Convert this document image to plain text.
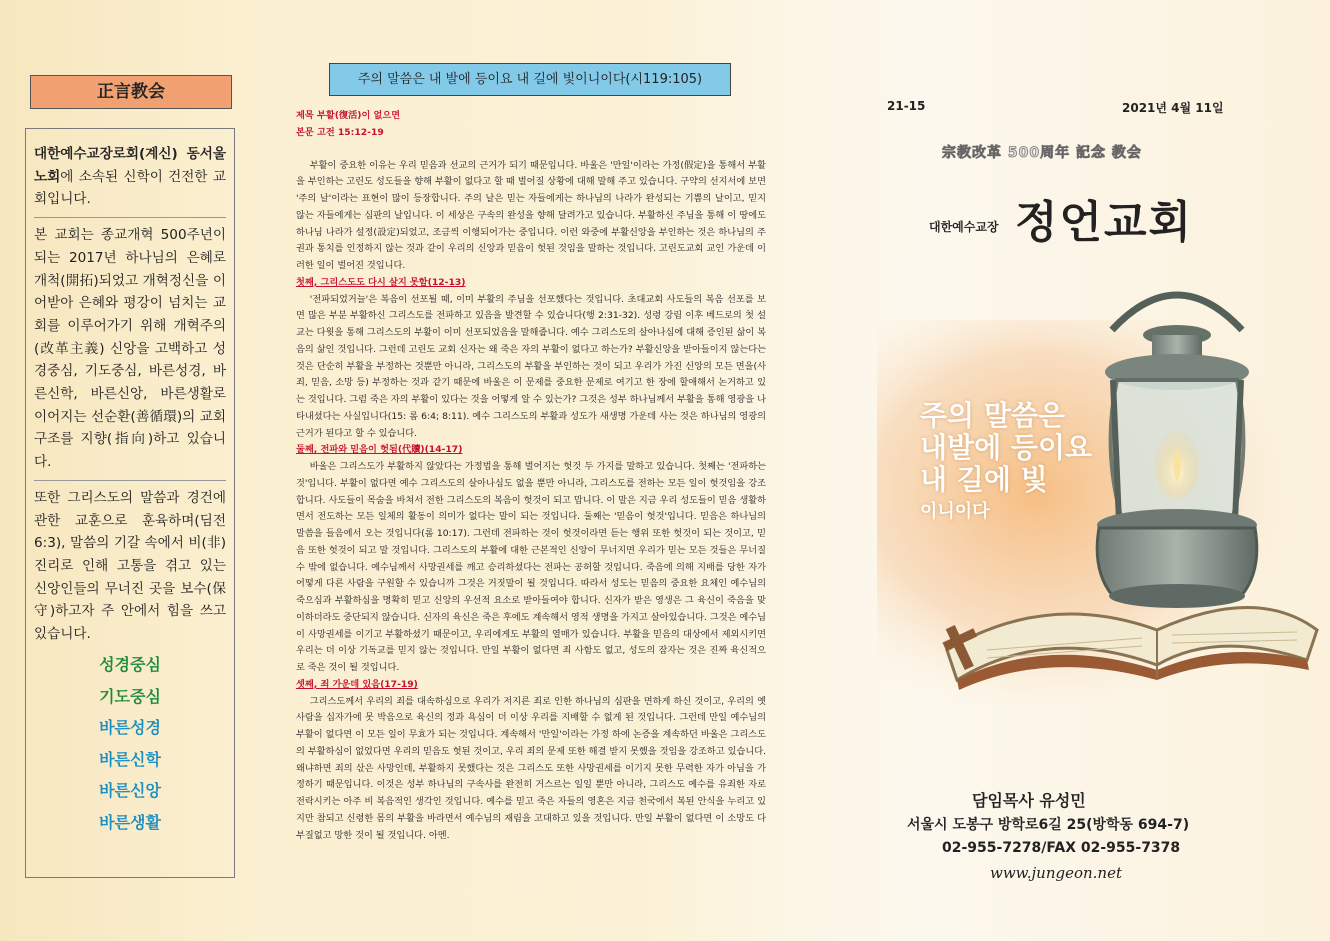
正言教会

대한예수교장로회(계신) 동서울 노회에 소속된 신학이 건전한 교회입니다.

본 교회는 종교개혁 500주년이 되는 2017년 하나님의 은혜로 개척(開拓)되었고 개혁정신을 이어받아 은혜와 평강이 넘치는 교회를 이루어가기 위해 개혁주의(改革主義) 신앙을 고백하고 성경중심, 기도중심, 바른성경, 바른신학, 바른신앙, 바른생활로 이어지는 선순환(善循環)의 교회 구조를 지향(指向)하고 있습니다.

또한 그리스도의 말씀과 경건에 관한 교훈으로 훈육하며(딤전 6:3), 말씀의 기갈 속에서 비(非) 진리로 인해 고통을 겪고 있는 신앙인들의 무너진 곳을 보수(保守)하고자 주 안에서 힘을 쓰고 있습니다.

성경중심
기도중심
바른성경
바른신학
바른신앙
바른생활
주의 말씀은 내 발에 등이요 내 길에 빛이니이다(시119:105)

제목 부활(復活)이 없으면

본문 고전 15:12-19

부활이 중요한 이유는 우리 믿음과 선교의 근거가 되기 때문입니다. 바울은 '만일'이라는 가정(假定)을 통해서 부활을 부인하는 고린도 성도들을 향해 부활이 없다고 할 때 벌어질 상황에 대해 말해 주고 있습니다. 구약의 선지서에 보면 '주의 날'이라는 표현이 많이 등장합니다. 주의 날은 믿는 자들에게는 하나님의 나라가 완성되는 기쁨의 날이고, 믿지 않는 자들에게는 심판의 날입니다. 이 세상은 구속의 완성을 향해 달려가고 있습니다. 부활하신 주님을 통해 이 땅에도 하나님 나라가 설정(設定)되었고, 조금씩 이행되어가는 중입니다. 이런 와중에 부활신앙을 부인하는 것은 하나님의 주권과 통치를 인정하지 않는 것과 같이 우리의 신앙과 믿음이 헛된 것임을 말하는 것입니다. 고린도교회 교인 가운데 이러한 일이 벌어진 것입니다.

첫째, 그리스도도 다시 살지 못함(12-13)

'전파되었거늘'은 복음이 선포될 때, 이미 부활의 주님을 선포했다는 것입니다. 초대교회 사도들의 복음 선포를 보면 많은 부분 부활하신 그리스도를 전파하고 있음을 발견할 수 있습니다(행 2:31-32). 성령 강림 이후 베드로의 첫 설교는 다윗을 통해 그리스도의 부활이 이미 선포되었음을 말해줍니다. 예수 그리스도의 살아나심에 대해 증인된 삶이 복음의 삶인 것입니다. 그런데 고린도 교회 신자는 왜 죽은 자의 부활이 없다고 하는가? 부활신앙을 받아들이지 않는다는 것은 단순히 부활을 부정하는 것뿐만 아니라, 그리스도의 부활을 부인하는 것이 되고 우리가 가진 신앙의 모든 면을(사죄, 믿음, 소망 등) 부정하는 것과 같기 때문에 바울은 이 문제를 중요한 문제로 여기고 한 장에 할애해서 논거하고 있는 것입니다. 그럼 죽은 자의 부활이 있다는 것을 어떻게 알 수 있는가? 그것은 성부 하나님께서 부활을 통해 영광을 나타내셨다는 사실입니다(15: 롬 6:4; 8:11). 예수 그리스도의 부활과 성도가 새생명 가운데 사는 것은 하나님의 영광의 근거가 된다고 할 수 있습니다.

둘째, 전파와 믿음이 헛됨(代贖)(14-17)

바울은 그리스도가 부활하지 않았다는 가정법을 통해 벌어지는 헛것 두 가지를 말하고 있습니다. 첫째는 '전파하는 것'입니다. 부활이 없다면 예수 그리스도의 살아나심도 없을 뿐만 아니라, 그리스도를 전하는 모든 일이 헛것임을 강조합니다. 사도들이 목숨을 바쳐서 전한 그리스도의 복음이 헛것이 되고 맙니다. 이 말은 지금 우리 성도들이 믿음 생활하면서 전도하는 모든 일체의 활동이 의미가 없다는 말이 되는 것입니다. 둘째는 '믿음이 헛것'입니다. 믿음은 하나님의 말씀을 들음에서 오는 것입니다(롬 10:17). 그런데 전파하는 것이 헛것이라면 듣는 행위 또한 헛것이 되는 것이고, 믿음 또한 헛것이 되고 말 것입니다. 그리스도의 부활에 대한 근본적인 신앙이 무너지면 우리가 믿는 모든 것들은 무너질 수 밖에 없습니다. 예수님께서 사망권세를 깨고 승리하셨다는 전파는 공허할 것입니다. 죽음에 의해 지배를 당한 자가 어떻게 다른 사람을 구원할 수 있습니까 그것은 거짓말이 될 것입니다. 따라서 성도는 믿음의 중요한 요체인 예수님의 죽으심과 부활하심을 명확히 믿고 신앙의 우선적 요소로 받아들여야 합니다. 신자가 받은 영생은 그 육신이 죽음을 맞이하더라도 중단되지 않습니다. 신자의 육신은 죽은 후에도 계속해서 영적 생명을 가지고 살아있습니다. 그것은 예수님이 사망권세를 이기고 부활하셨기 때문이고, 우리에게도 부활의 열매가 있습니다. 부활을 믿음의 대상에서 제외시키면 우리는 더 이상 기독교를 믿지 않는 것입니다. 만일 부활이 없다면 죄 사함도 없고, 성도의 잠자는 것은 진짜 육신적으로 죽은 것이 될 것입니다.

셋째, 죄 가운데 있음(17-19)

그리스도께서 우리의 죄를 대속하심으로 우리가 저지른 죄로 인한 하나님의 심판을 면하게 하신 것이고, 우리의 옛 사람을 십자가에 못 박음으로 육신의 정과 욕심이 더 이상 우리를 지배할 수 없게 된 것입니다. 그런데 만일 예수님의 부활이 없다면 이 모든 일이 무효가 되는 것입니다. 계속해서 '만일'이라는 가정 하에 논증을 계속하던 바울은 그리스도의 부활하심이 없었다면 우리의 믿음도 헛된 것이고, 우리 죄의 문제 또한 해결 받지 못했을 것임을 강조하고 있습니다. 왜냐하면 죄의 삯은 사망인데, 부활하지 못했다는 것은 그리스도 또한 사망권세를 이기지 못한 무력한 자가 아님을 가정하기 때문입니다. 이것은 성부 하나님의 구속사를 완전히 거스르는 일일 뿐만 아니라, 그리스도 예수를 유죄한 자로 전락시키는 아주 비 복음적인 생각인 것입니다. 예수를 믿고 죽은 자들의 영혼은 지금 천국에서 복된 안식을 누리고 있지만 참되고 신령한 몸의 부활을 바라면서 예수님의 재림을 고대하고 있을 것입니다. 만일 부활이 없다면 이 소망도 다 부질없고 망한 것이 될 것입니다. 아멘.

21-15	2021년 4월 11일
宗教改革 500周年 記念 教会
대한예수교장 정언교회
주의 말씀은
내발에 등이요
내 길에 빛
이니이다
담임목사 유성민
서울시 도봉구 방학로6길 25(방학동 694-7)
02-955-7278/FAX 02-955-7378
www.jungeon.net
